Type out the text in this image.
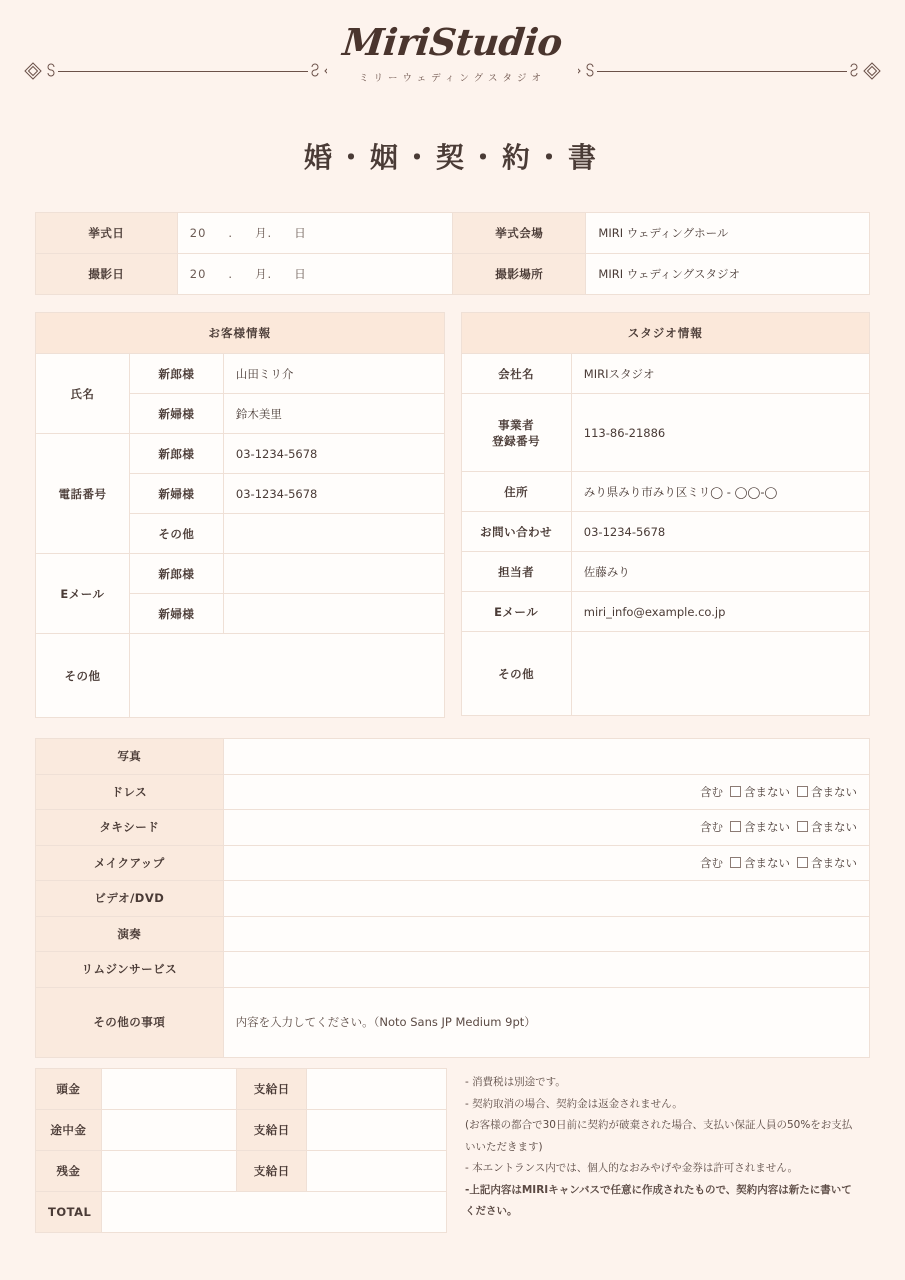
MiriStudio
ミリーウェディングスタジオ
婚・姻・契・約・書
挙式日	20 . 月. 日	挙式会場	MIRI ウェディングホール
撮影日	20 . 月. 日	撮影場所	MIRI ウェディングスタジオ
お客様情報		
氏名	新郎様	山田ミリ介
	新婦様	鈴木美里
電話番号	新郎様	03-1234-5678
	新婦様	03-1234-5678
	その他	
Eメール	新郎様	
	新婦様	
その他		
スタジオ情報	
会社名	MIRIスタジオ
事業者
登録番号	113-86-21886
住所	みり県みり市みり区ミリ◯ - ◯◯-◯
お問い合わせ	03-1234-5678
担当者	佐藤みり
Eメール	miri_info@example.co.jp
その他	
写真	
ドレス	含む 含まない 含まない
タキシード	含む 含まない 含まない
メイクアップ	含む 含まない 含まない
ビデオ/DVD	
演奏	
リムジンサービス	
その他の事項	内容を入力してください。（Noto Sans JP Medium 9pt）
頭金		支給日	
途中金		支給日	
残金		支給日	
TOTAL			

- 消費税は別途です。

- 契約取消の場合、契約金は返金されません。

(お客様の都合で30日前に契約が破棄された場合、支払い保証人員の50%をお支払

いいただきます)

- 本エントランス内では、個人的なおみやげや金券は許可されません。

-上記内容はMIRIキャンバスで任意に作成されたもので、契約内容は新たに書いて

ください。
